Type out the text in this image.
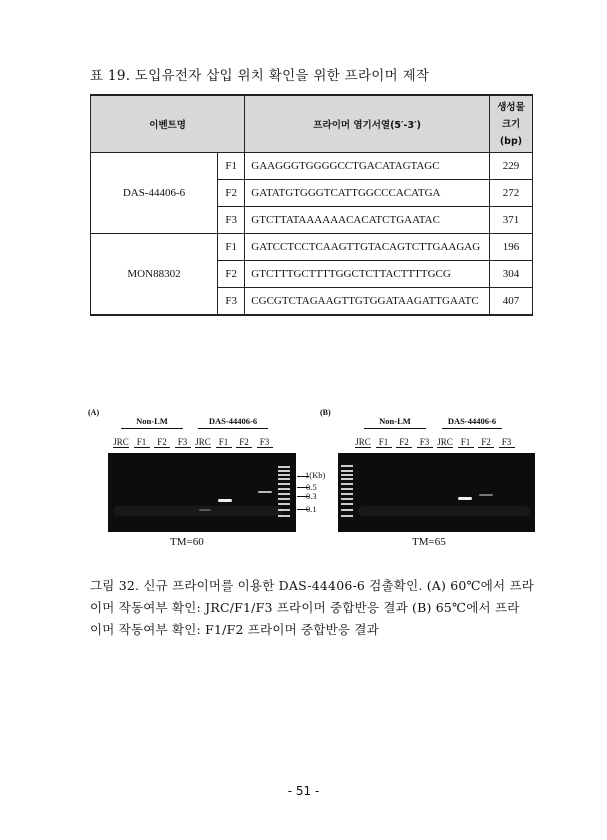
표 19. 도입유전자 삽입 위치 확인을 위한 프라이머 제작
이벤트명		프라이머 염기서열(5′-3′)	생성물
크기
(bp)
DAS-44406-6	F1	GAAGGGTGGGGCCTGACATAGTAGC	229
	F2	GATATGTGGGTCATTGGCCCACATGA	272
	F3	GTCTTATAAAAAACACATCTGAATAC	371
MON88302	F1	GATCCTCCTCAAGTTGTACAGTCTTGAAGAG	196
	F2	GTCTTTGCTTTTGGCTCTTACTTTTGCG	304
	F3	CGCGTCTAGAAGTTGTGGATAAGATTGAATC	407
(A)
Non-LM	DAS-44406-6
JRC F1	F2	F3 JRC F1	F2	F3
1(Kb)
0.5
0.3
0.1
TM=60
(B)
Non-LM	DAS-44406-6
JRC F1	F2	F3 JRC F1	F2	F3
TM=65
그림 32. 신규 프라이머를 이용한 DAS-44406-6 검출확인. (A) 60℃에서 프라
이머 작동여부 확인: JRC/F1/F3 프라이머 중합반응 결과 (B) 65℃에서 프라
이머 작동여부 확인: F1/F2 프라이머 중합반응 결과
- 51 -
